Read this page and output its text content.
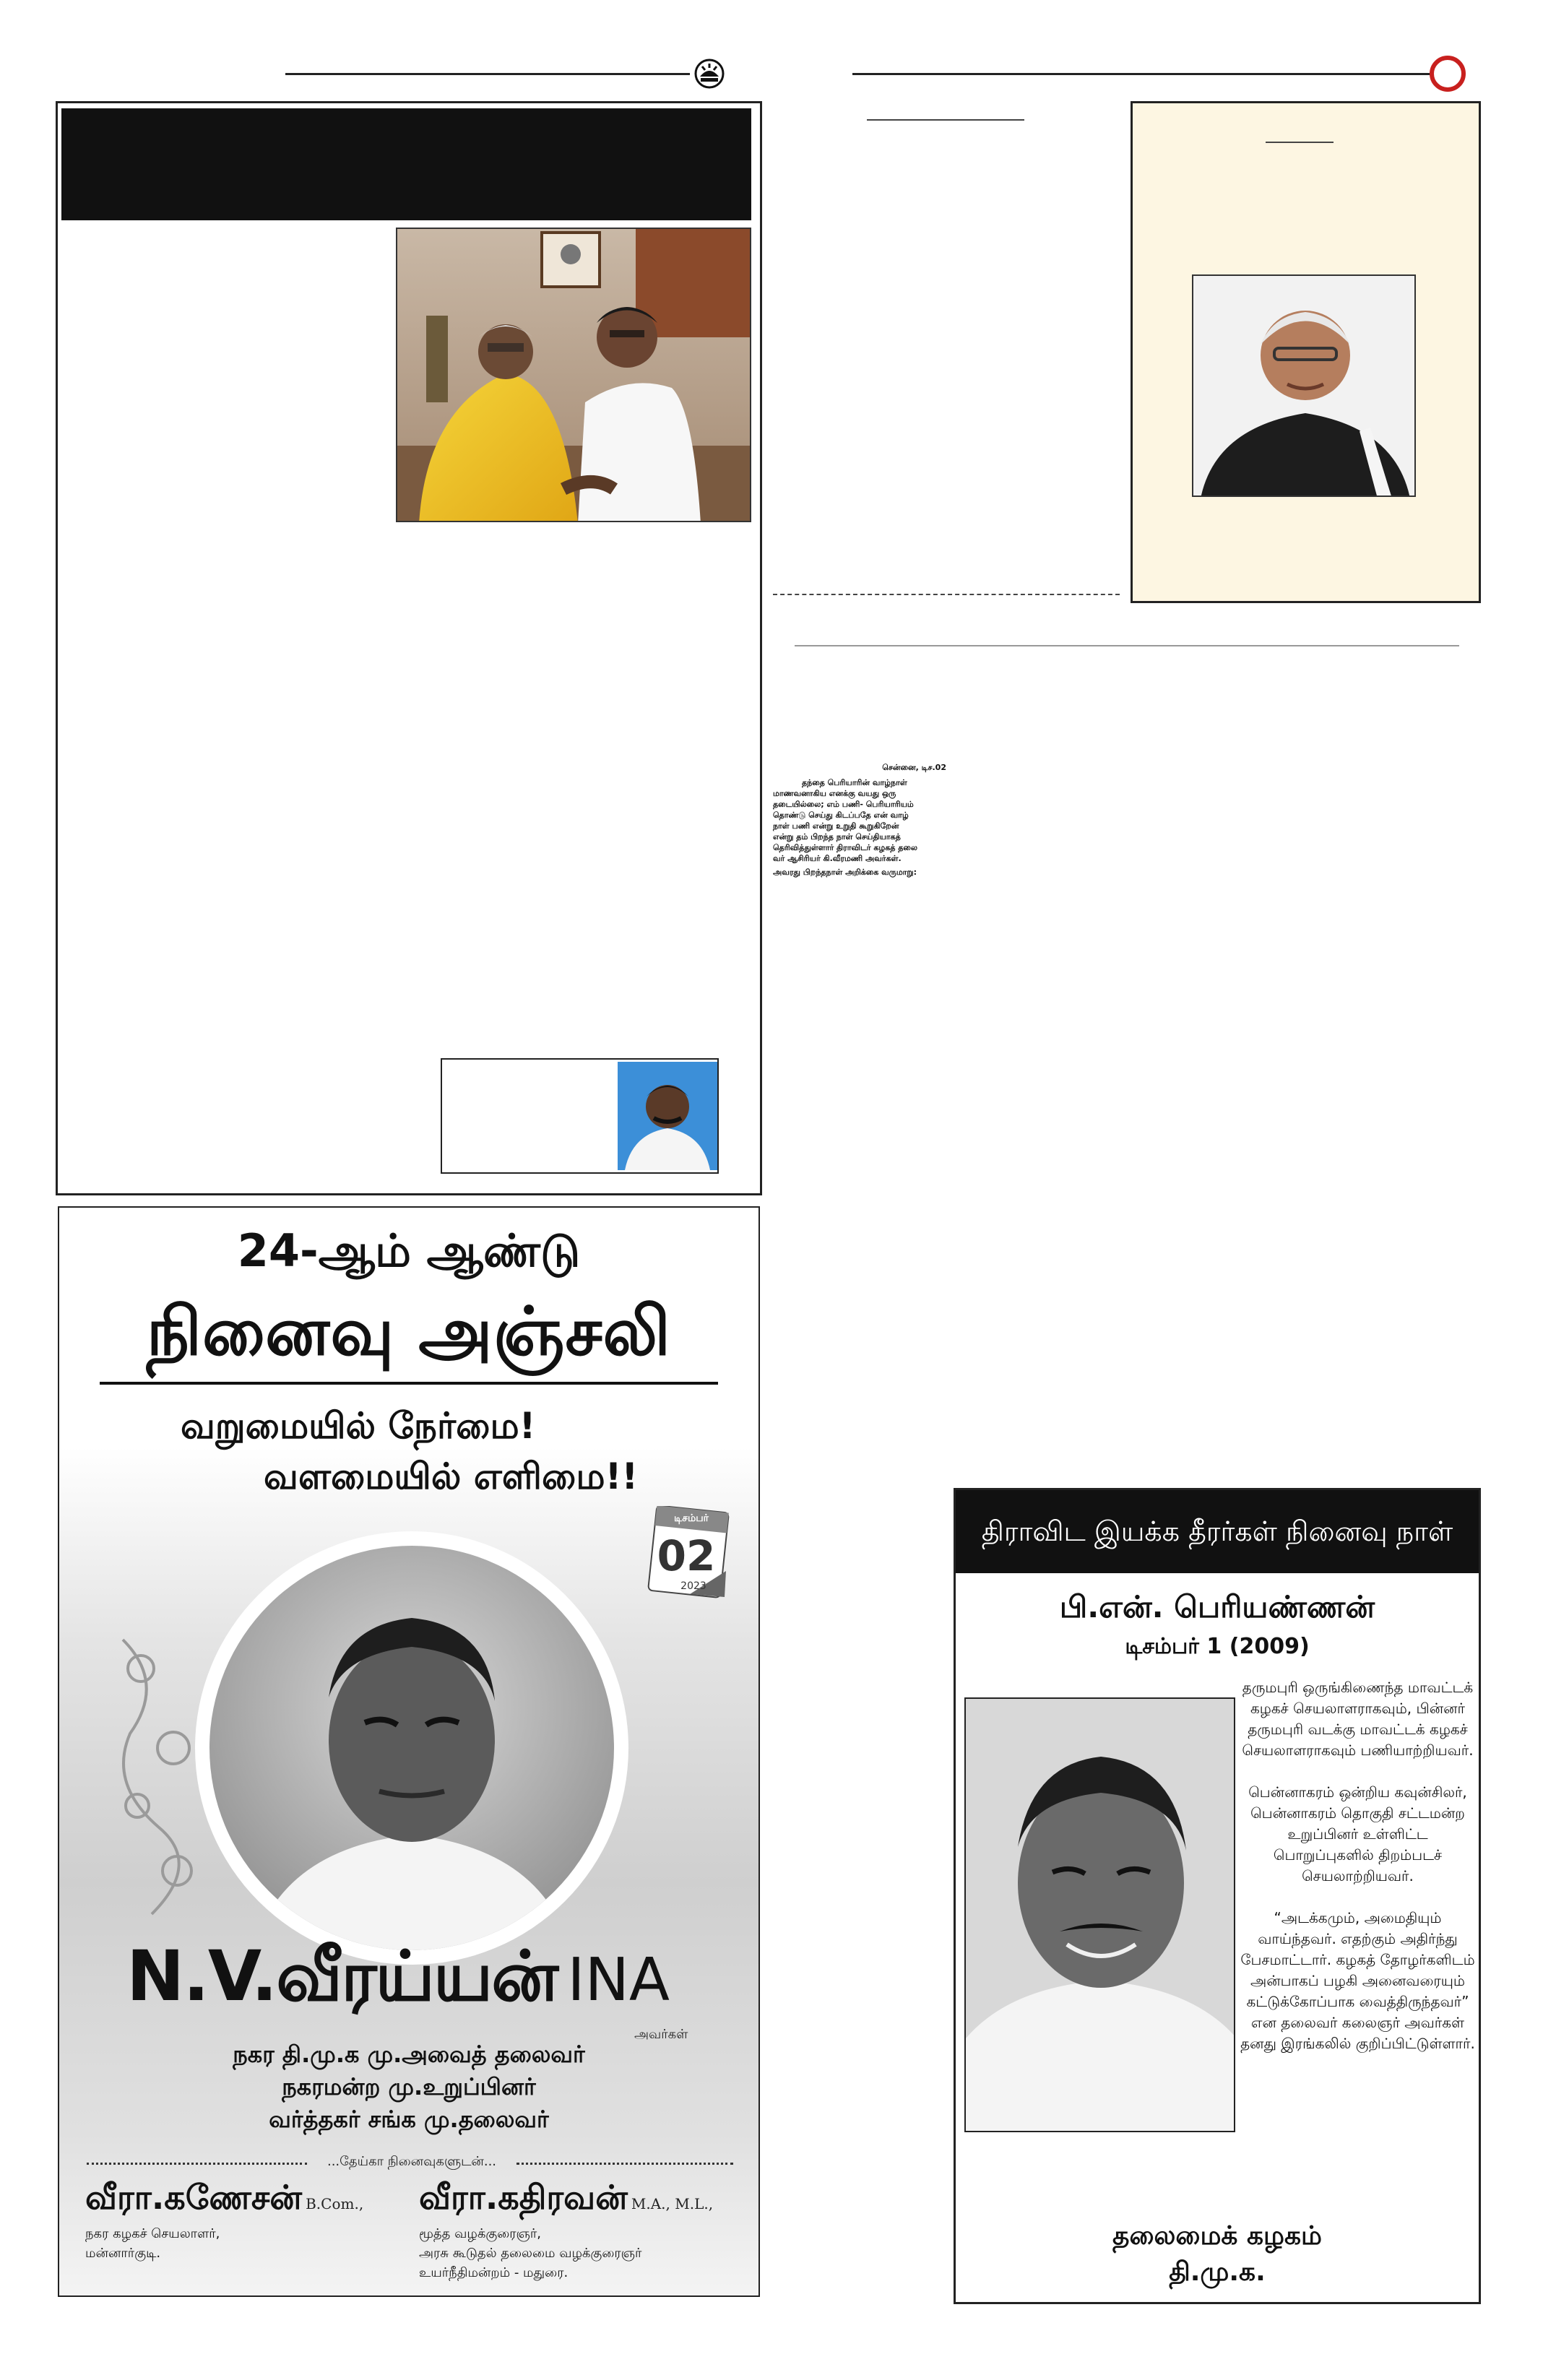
சென்னை, டிச.02

தந்தை பெரியாரின் வாழ்நாள்
மாணவனாகிய எனக்கு வயது ஒரு
தடையில்லை; எம் பணி- பெரியாரியம்
தொண்டு செய்து கிடப்பதே என் வாழ்
நாள் பணி என்று உறுதி கூறுகிறேன்
என்று தம் பிறந்த நாள் செய்தியாகத்
தெரிவித்துள்ளார் திராவிடர் கழகத் தலை
வர் ஆசிரியர் கி.வீரமணி அவர்கள்.
அவரது பிறந்தநாள் அறிக்கை வருமாறு:
24-ஆம் ஆண்டு
நினைவு அஞ்சலி
வறுமையில் நேர்மை!
வளமையில் எளிமை!!
டிசம்பர்
02
2023
N.V.வீரய்யன் INA
அவர்கள்
நகர தி.மு.க மு.அவைத் தலைவர்
நகரமன்ற மு.உறுப்பினர்
வர்த்தகர் சங்க மு.தலைவர்
...தேய்கா நினைவுகளுடன்...
வீரா.கணேசன் B.Com.,
நகர கழகச் செயலாளர்,
மன்னார்குடி.
வீரா.கதிரவன் M.A., M.L.,
மூத்த வழக்குரைஞர்,
அரசு கூடுதல் தலைமை வழக்குரைஞர்
உயர்நீதிமன்றம் - மதுரை.
திராவிட இயக்க தீரர்கள் நினைவு நாள்
பி.என். பெரியண்ணன்
டிசம்பர் 1 (2009)
தருமபுரி ஒருங்கிணைந்த மாவட்டக் கழகச் செயலாளராகவும், பின்னர் தருமபுரி வடக்கு மாவட்டக் கழகச் செயலாளராகவும் பணியாற்றியவர்.
பென்னாகரம் ஒன்றிய கவுன்சிலர், பென்னாகரம் தொகுதி சட்டமன்ற உறுப்பினர் உள்ளிட்ட பொறுப்புகளில் திறம்படச் செயலாற்றியவர்.
“அடக்கமும், அமைதியும் வாய்ந்தவர். எதற்கும் அதிர்ந்து பேசமாட்டார். கழகத் தோழர்களிடம் அன்பாகப் பழகி அனைவரையும் கட்டுக்கோப்பாக வைத்திருந்தவர்” என தலைவர் கலைஞர் அவர்கள் தனது இரங்கலில் குறிப்பிட்டுள்ளார்.
தலைமைக் கழகம்
தி.மு.க.
